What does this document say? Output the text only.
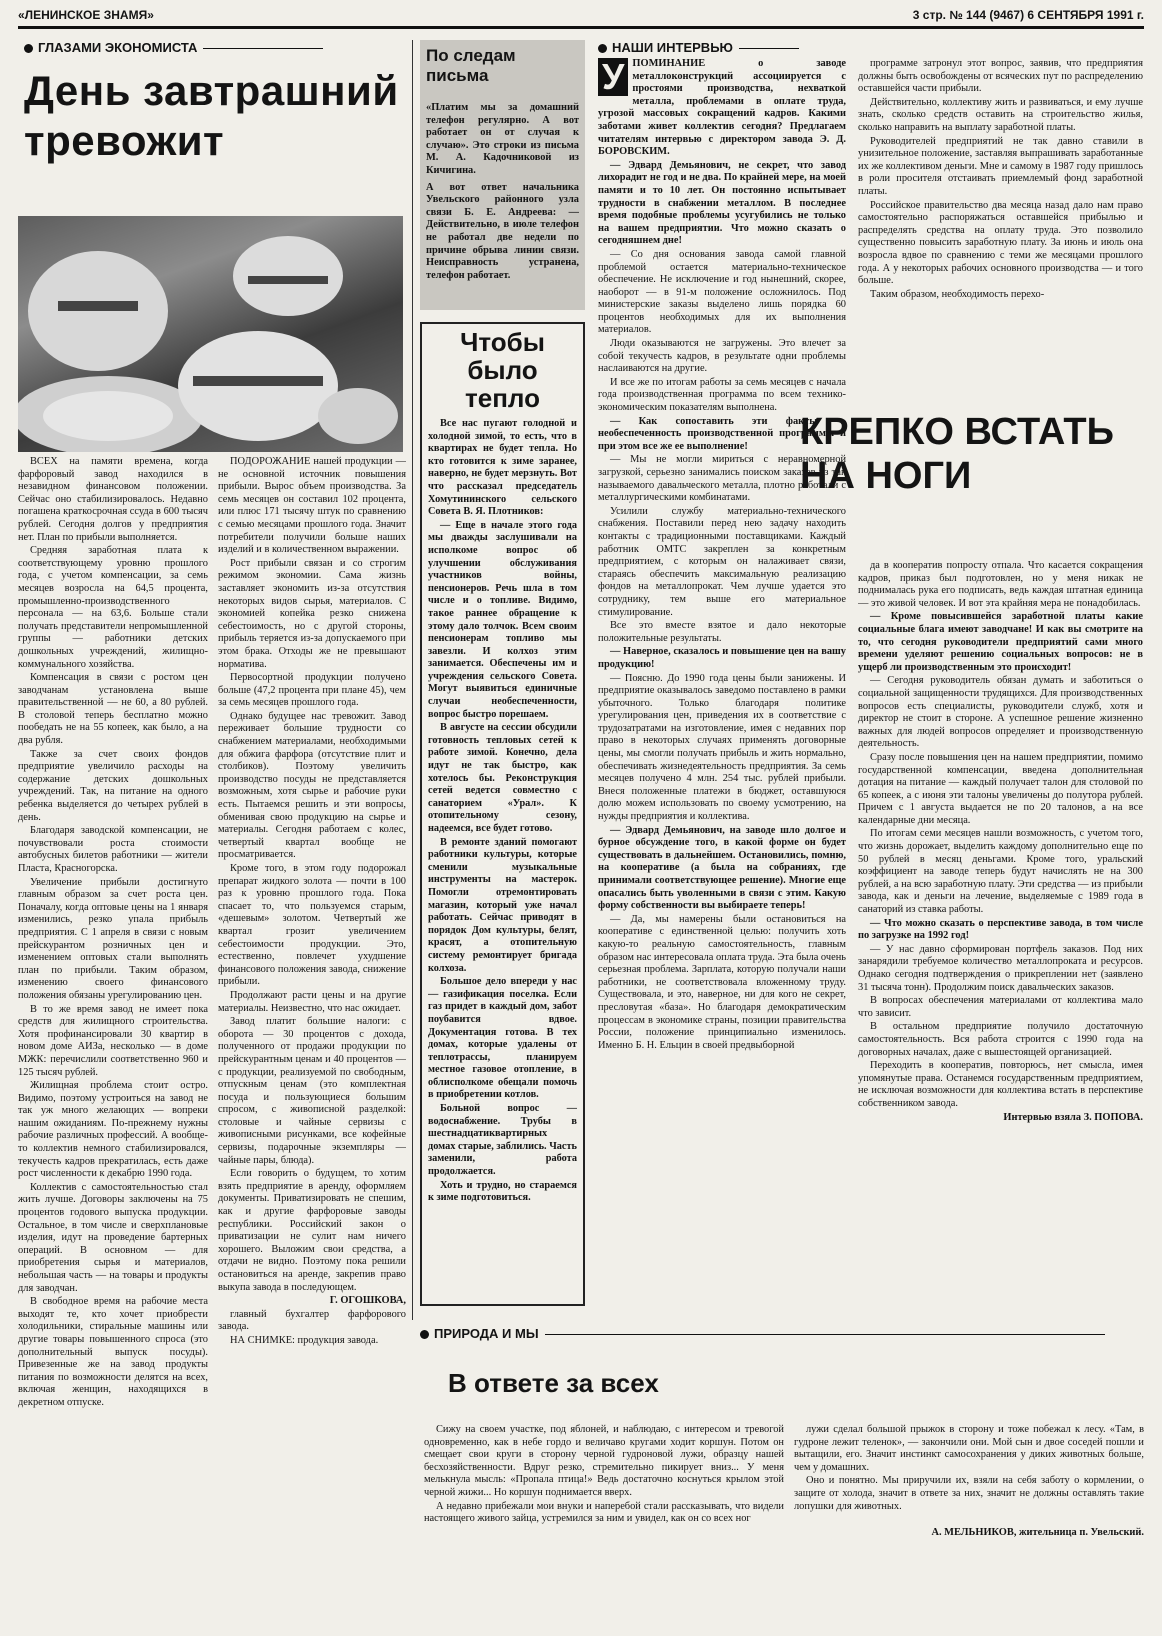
«ЛЕНИНСКОЕ ЗНАМЯ»	3 стр. № 144 (9467) 6 СЕНТЯБРЯ 1991 г.
ГЛАЗАМИ ЭКОНОМИСТА
День завтрашний тревожит

ВСЕХ на памяти времена, когда фарфоровый завод находился в незавидном финансовом положении. Сейчас оно стабилизировалось. Недавно погашена краткосрочная ссуда в 600 тысяч рублей. Сегодня долгов у предприятия нет. План по прибыли выполняется.

Средняя заработная плата к соответствующему уровню прошлого года, с учетом компенсации, за семь месяцев возросла на 64,5 процента, промышленно-производственного персонала — на 63,6. Больше стали получать представители непромышленной группы — работники детских дошкольных учреждений, жилищно-коммунального хозяйства.

Компенсация в связи с ростом цен заводчанам установлена выше правительственной — не 60, а 80 рублей. В столовой теперь бесплатно можно пообедать не на 55 копеек, как было, а на два рубля.

Также за счет своих фондов предприятие увеличило расходы на содержание детских дошкольных учреждений. Так, на питание на одного ребенка выделяется до четырех рублей в день.

Благодаря заводской компенсации, не почувствовали роста стоимости автобусных билетов работники — жители Пласта, Красногорска.

Увеличение прибыли достигнуто главным образом за счет роста цен. Поначалу, когда оптовые цены на 1 января изменились, резко упала прибыль предприятия. С 1 апреля в связи с новым прейскурантом розничных цен и изменением оптовых стали выполнять план по прибыли. Таким образом, изменению своего финансового положения обязаны урегулированию цен.

В то же время завод не имеет пока средств для жилищного строительства. Хотя профинансировали 30 квартир в новом доме АИЗа, несколько — в доме МЖК: перечислили соответственно 960 и 125 тысяч рублей.

Жилищная проблема стоит остро. Видимо, поэтому устроиться на завод не так уж много желающих — вопреки нашим ожиданиям. По-прежнему нужны рабочие различных профессий. А вообще-то коллектив немного стабилизировался, текучесть кадров прекратилась, есть даже рост численности к декабрю 1990 года.

Коллектив с самостоятельностью стал жить лучше. Договоры заключены на 75 процентов годового выпуска продукции. Остальное, в том числе и сверхплановые изделия, идут на проведение бартерных операций. В основном — для приобретения сырья и материалов, небольшая часть — на товары и продукты для заводчан.

В свободное время на рабочие места выходят те, кто хочет приобрести холодильники, стиральные машины или другие товары повышенного спроса (это дополнительный выпуск посуды). Привезенные же на завод продукты питания по возможности делятся на всех, включая женщин, находящихся в декретном отпуске.

ПОДОРОЖАНИЕ нашей продукции — не основной источник повышения прибыли. Вырос объем производства. За семь месяцев он составил 102 процента, или плюс 171 тысячу штук по сравнению с семью месяцами прошлого года. Значит потребители получили больше наших изделий и в количественном выражении.

Рост прибыли связан и со строгим режимом экономии. Сама жизнь заставляет экономить из-за отсутствия некоторых видов сырья, материалов. С экономией копейка резко снижена себестоимость, но с другой стороны, прибыль теряется из-за допускаемого при этом брака. Отходы же не превышают норматива.

Первосортной продукции получено больше (47,2 процента при плане 45), чем за семь месяцев прошлого года.

Однако будущее нас тревожит. Завод переживает большие трудности со снабжением материалами, необходимыми для обжига фарфора (отсутствие плит и столбиков). Поэтому увеличить производство посуды не представляется возможным, хотя сырье и рабочие руки есть. Пытаемся решить и эти вопросы, обменивая свою продукцию на сырье и материалы. Сегодня работаем с колес, четвертый квартал вообще не просматривается.

Кроме того, в этом году подорожал препарат жидкого золота — почти в 100 раз к уровню прошлого года. Пока спасает то, что пользуемся старым, «дешевым» золотом. Четвертый же квартал грозит увеличением себестоимости продукции. Это, естественно, повлечет ухудшение финансового положения завода, снижение прибыли.

Продолжают расти цены и на другие материалы. Неизвестно, что нас ожидает.

Завод платит большие налоги: с оборота — 30 процентов с дохода, полученного от продажи продукции по прейскурантным ценам и 40 процентов — с продукции, реализуемой по свободным, отпускным ценам (это комплектная посуда и пользующиеся большим спросом, с живописной разделкой: столовые и чайные сервизы с живописными рисунками, все кофейные сервизы, подарочные экземпляры — чайные пары, блюда).

Если говорить о будущем, то хотим взять предприятие в аренду, оформляем документы. Приватизировать не спешим, как и другие фарфоровые заводы республики. Российский закон о приватизации не сулит нам ничего хорошего. Выложим свои средства, а отдачи не видно. Поэтому пока решили остановиться на аренде, закрепив право выкупа завода в последующем.

Г. ОГОШКОВА,

главный бухгалтер фарфорового завода.

НА СНИМКЕ: продукция завода.

По следам письма
«Платим мы за домашний телефон регулярно. А вот работает он от случая к случаю». Это строки из письма М. А. Кадочниковой из Кичигина.
А вот ответ начальника Увельского районного узла связи Б. Е. Андреева: — Действительно, в июле телефон не работал две недели по причине обрыва линии связи. Неисправность устранена, телефон работает.
Чтобы было тепло

Все нас пугают голодной и холодной зимой, то есть, что в квартирах не будет тепла. Но кто готовится к зиме заранее, наверно, не будет мерзнуть. Вот что рассказал председатель Хомутининского сельского Совета В. Я. Плотников:

— Еще в начале этого года мы дважды заслушивали на исполкоме вопрос об улучшении обслуживания участников войны, пенсионеров. Речь шла в том числе и о топливе. Видимо, такое раннее обращение к этому дало толчок. Всем своим пенсионерам топливо мы завезли. И колхоз этим занимается. Обеспечены им и учреждения сельского Совета. Могут выявиться единичные случаи необеспеченности, вопрос быстро порешаем.

В августе на сессии обсудили готовность тепловых сетей к работе зимой. Конечно, дела идут не так быстро, как хотелось бы. Реконструкция сетей ведется совместно с санаторием «Урал». К отопительному сезону, надеемся, все будет готово.

В ремонте зданий помогают работники культуры, которые сменили музыкальные инструменты на мастерок. Помогли отремонтировать магазин, который уже начал работать. Сейчас приводят в порядок Дом культуры, белят, красят, а отопительную систему ремонтирует бригада колхоза.

Большое дело впереди у нас — газификация поселка. Если газ придет в каждый дом, забот поубавится вдвое. Документация готова. В тех домах, которые удалены от теплотрассы, планируем местное газовое отопление, в облисполкоме обещали помочь в приобретении котлов.

Больной вопрос — водоснабжение. Трубы в шестнадцатиквартирных домах старые, заблились. Часть заменили, работа продолжается.

Хоть и трудно, но стараемся к зиме подготовиться.

НАШИ ИНТЕРВЬЮ

У ПОМИНАНИЕ о заводе металлоконструкций ассоциируется с простоями производства, нехваткой металла, проблемами в оплате труда, угрозой массовых сокращений кадров. Какими заботами живет коллектив сегодня? Предлагаем читателям интервью с директором завода Э. Д. БОРОВСКИМ.

— Эдвард Демьянович, не секрет, что завод лихорадит не год и не два. По крайней мере, на моей памяти и то 10 лет. Он постоянно испытывает трудности в снабжении металлом. В последнее время подобные проблемы усугубились не только на вашем предприятии. Что можно сказать о сегодняшнем дне!

— Со дня основания завода самой главной проблемой остается материально-техническое обеспечение. Не исключение и год нынешний, скорее, наоборот — в 91-м положение осложнилось. Под министерские заказы выделено лишь порядка 60 процентов необходимых для их выполнения материалов.

Люди оказываются не загружены. Это влечет за собой текучесть кадров, в результате одни проблемы наслаиваются на другие.

И все же по итогам работы за семь месяцев с начала года производственная программа по всем технико-экономическим показателям выполнена.

— Как сопоставить эти факты — необеспеченность производственной программы и при этом все же ее выполнение!

— Мы не могли мириться с неравномерной загрузкой, серьезно занимались поиском заказов из так называемого давальческого металла, плотно работали с металлургическими комбинатами.

Усилили службу материально-технического снабжения. Поставили перед нею задачу находить контакты с традиционными поставщиками. Каждый работник ОМТС закреплен за конкретным предприятием, с которым он налаживает связи, стараясь обеспечить максимальную реализацию фондов на металлопрокат. Чем лучше удается это сотруднику, тем выше его материальное стимулирование.

Все это вместе взятое и дало некоторые положительные результаты.

— Наверное, сказалось и повышение цен на вашу продукцию!

— Поясню. До 1990 года цены были занижены. И предприятие оказывалось заведомо поставлено в рамки убыточного. Только благодаря политике урегулирования цен, приведения их в соответствие с трудозатратами на изготовление, имея с недавних пор право в некоторых случаях применять договорные цены, мы смогли получать прибыль и жить нормально, обеспечивать жизнедеятельность предприятия. За семь месяцев получено 4 млн. 254 тыс. рублей прибыли. Внеся положенные платежи в бюджет, оставшуюся долю можем использовать по своему усмотрению, на нужды предприятия и коллектива.

— Эдвард Демьянович, на заводе шло долгое и бурное обсуждение того, в какой форме он будет существовать в дальнейшем. Остановились, помню, на кооперативе (а была на собраниях, где принимали соответствующее решение). Многие еще опасались быть уволенными в связи с этим. Какую форму собственности вы выбираете теперь!

— Да, мы намерены были остановиться на кооперативе с единственной целью: получить хоть какую-то реальную самостоятельность, главным образом нас интересовала оплата труда. Эта была очень серьезная проблема. Зарплата, которую получали наши работники, не соответствовала вложенному труду. Существовала, и это, наверное, ни для кого не секрет, пресловутая «база». Но благодаря демократическим процессам в экономике страны, позиции правительства России, положение принципиально изменилось. Именно Б. Н. Ельцин в своей предвыборной

программе затронул этот вопрос, заявив, что предприятия должны быть освобождены от всяческих пут по распределению оставшейся части прибыли.

Действительно, коллективу жить и развиваться, и ему лучше знать, сколько средств оставить на строительство жилья, сколько направить на выплату заработной платы.

Руководителей предприятий не так давно ставили в унизительное положение, заставляя выпрашивать заработанные их же коллективом деньги. Мне и самому в 1987 году пришлось в роли просителя отстаивать приемлемый фонд заработной платы.

Российское правительство два месяца назад дало нам право самостоятельно распоряжаться оставшейся прибылью и распределять средства на оплату труда. Это позволило существенно повысить заработную плату. За июнь и июль она возросла вдвое по сравнению с теми же месяцами прошлого года. А у некоторых рабочих основного производства — и того больше.

Таким образом, необходимость перехо-

КРЕПКО ВСТАТЬ НА НОГИ

да в кооператив попросту отпала. Что касается сокращения кадров, приказ был подготовлен, но у меня никак не поднималась рука его подписать, ведь каждая штатная единица — это живой человек. И вот эта крайняя мера не понадобилась.

— Кроме повысившейся заработной платы какие социальные блага имеют заводчане! И как вы смотрите на то, что сегодня руководители предприятий сами много времени уделяют решению социальных вопросов: не в ущерб ли производственным это происходит!

— Сегодня руководитель обязан думать и заботиться о социальной защищенности трудящихся. Для производственных вопросов есть специалисты, руководители служб, хотя и директор не стоит в стороне. А успешное решение жизненно важных для людей вопросов определяет и производственную деятельность.

Сразу после повышения цен на нашем предприятии, помимо государственной компенсации, введена дополнительная дотация на питание — каждый получает талон для столовой по 65 копеек, а с июня эти талоны увеличены до полутора рублей. Причем с 1 августа выдается не по 20 талонов, а на все календарные дни месяца.

По итогам семи месяцев нашли возможность, с учетом того, что жизнь дорожает, выделить каждому дополнительно еще по 50 рублей в месяц деньгами. Кроме того, уральский коэффициент на заводе теперь будут начислять не на 300 рублей, а на всю заработную плату. Эти средства — из прибыли завода, как и деньги на лечение, выделяемые с 1989 года в санаторий из ставка работы.

— Что можно сказать о перспективе завода, в том числе по загрузке на 1992 год!

— У нас давно сформирован портфель заказов. Под них занарядили требуемое количество металлопроката и ресурсов. Однако сегодня подтверждения о прикреплении нет (заявлено 31 тысяча тонн). Продолжим поиск давальческих заказов.

В вопросах обеспечения материалами от коллектива мало что зависит.

В остальном предприятие получило достаточную самостоятельность. Вся работа строится с 1990 года на договорных началах, даже с вышестоящей организацией.

Переходить в кооператив, повторюсь, нет смысла, имея упомянутые права. Останемся государственным предприятием, не исключая возможности для коллектива встать в перспективе собственником завода.

Интервью взяла З. ПОПОВА.

ПРИРОДА И МЫ
В ответе за всех

Сижу на своем участке, под яблоней, и наблюдаю, с интересом и тревогой одновременно, как в небе гордо и величаво кругами ходит коршун. Потом он смещает свои круги в сторону черной гудроновой лужи, образцу нашей бесхозяйственности. Вдруг резко, стремительно пикирует вниз... У меня мелькнула мысль: «Пропала птица!» Ведь достаточно коснуться крылом этой черной жижи... Но коршун поднимается вверх.

А недавно прибежали мои внуки и наперебой стали рассказывать, что видели настоящего живого зайца, устремился за ним и увидел, как он со всех ног

лужи сделал большой прыжок в сторону и тоже побежал к лесу. «Там, в гудроне лежит теленок», — закончили они. Мой сын и двое соседей пошли и вытащили, его. Значит инстинкт самосохранения у диких животных больше, чем у домашних.

Оно и понятно. Мы приручили их, взяли на себя заботу о кормлении, о защите от холода, значит в ответе за них, значит не должны оставлять такие лопушки для животных.

А. МЕЛЬНИКОВ, жительница п. Увельский.
